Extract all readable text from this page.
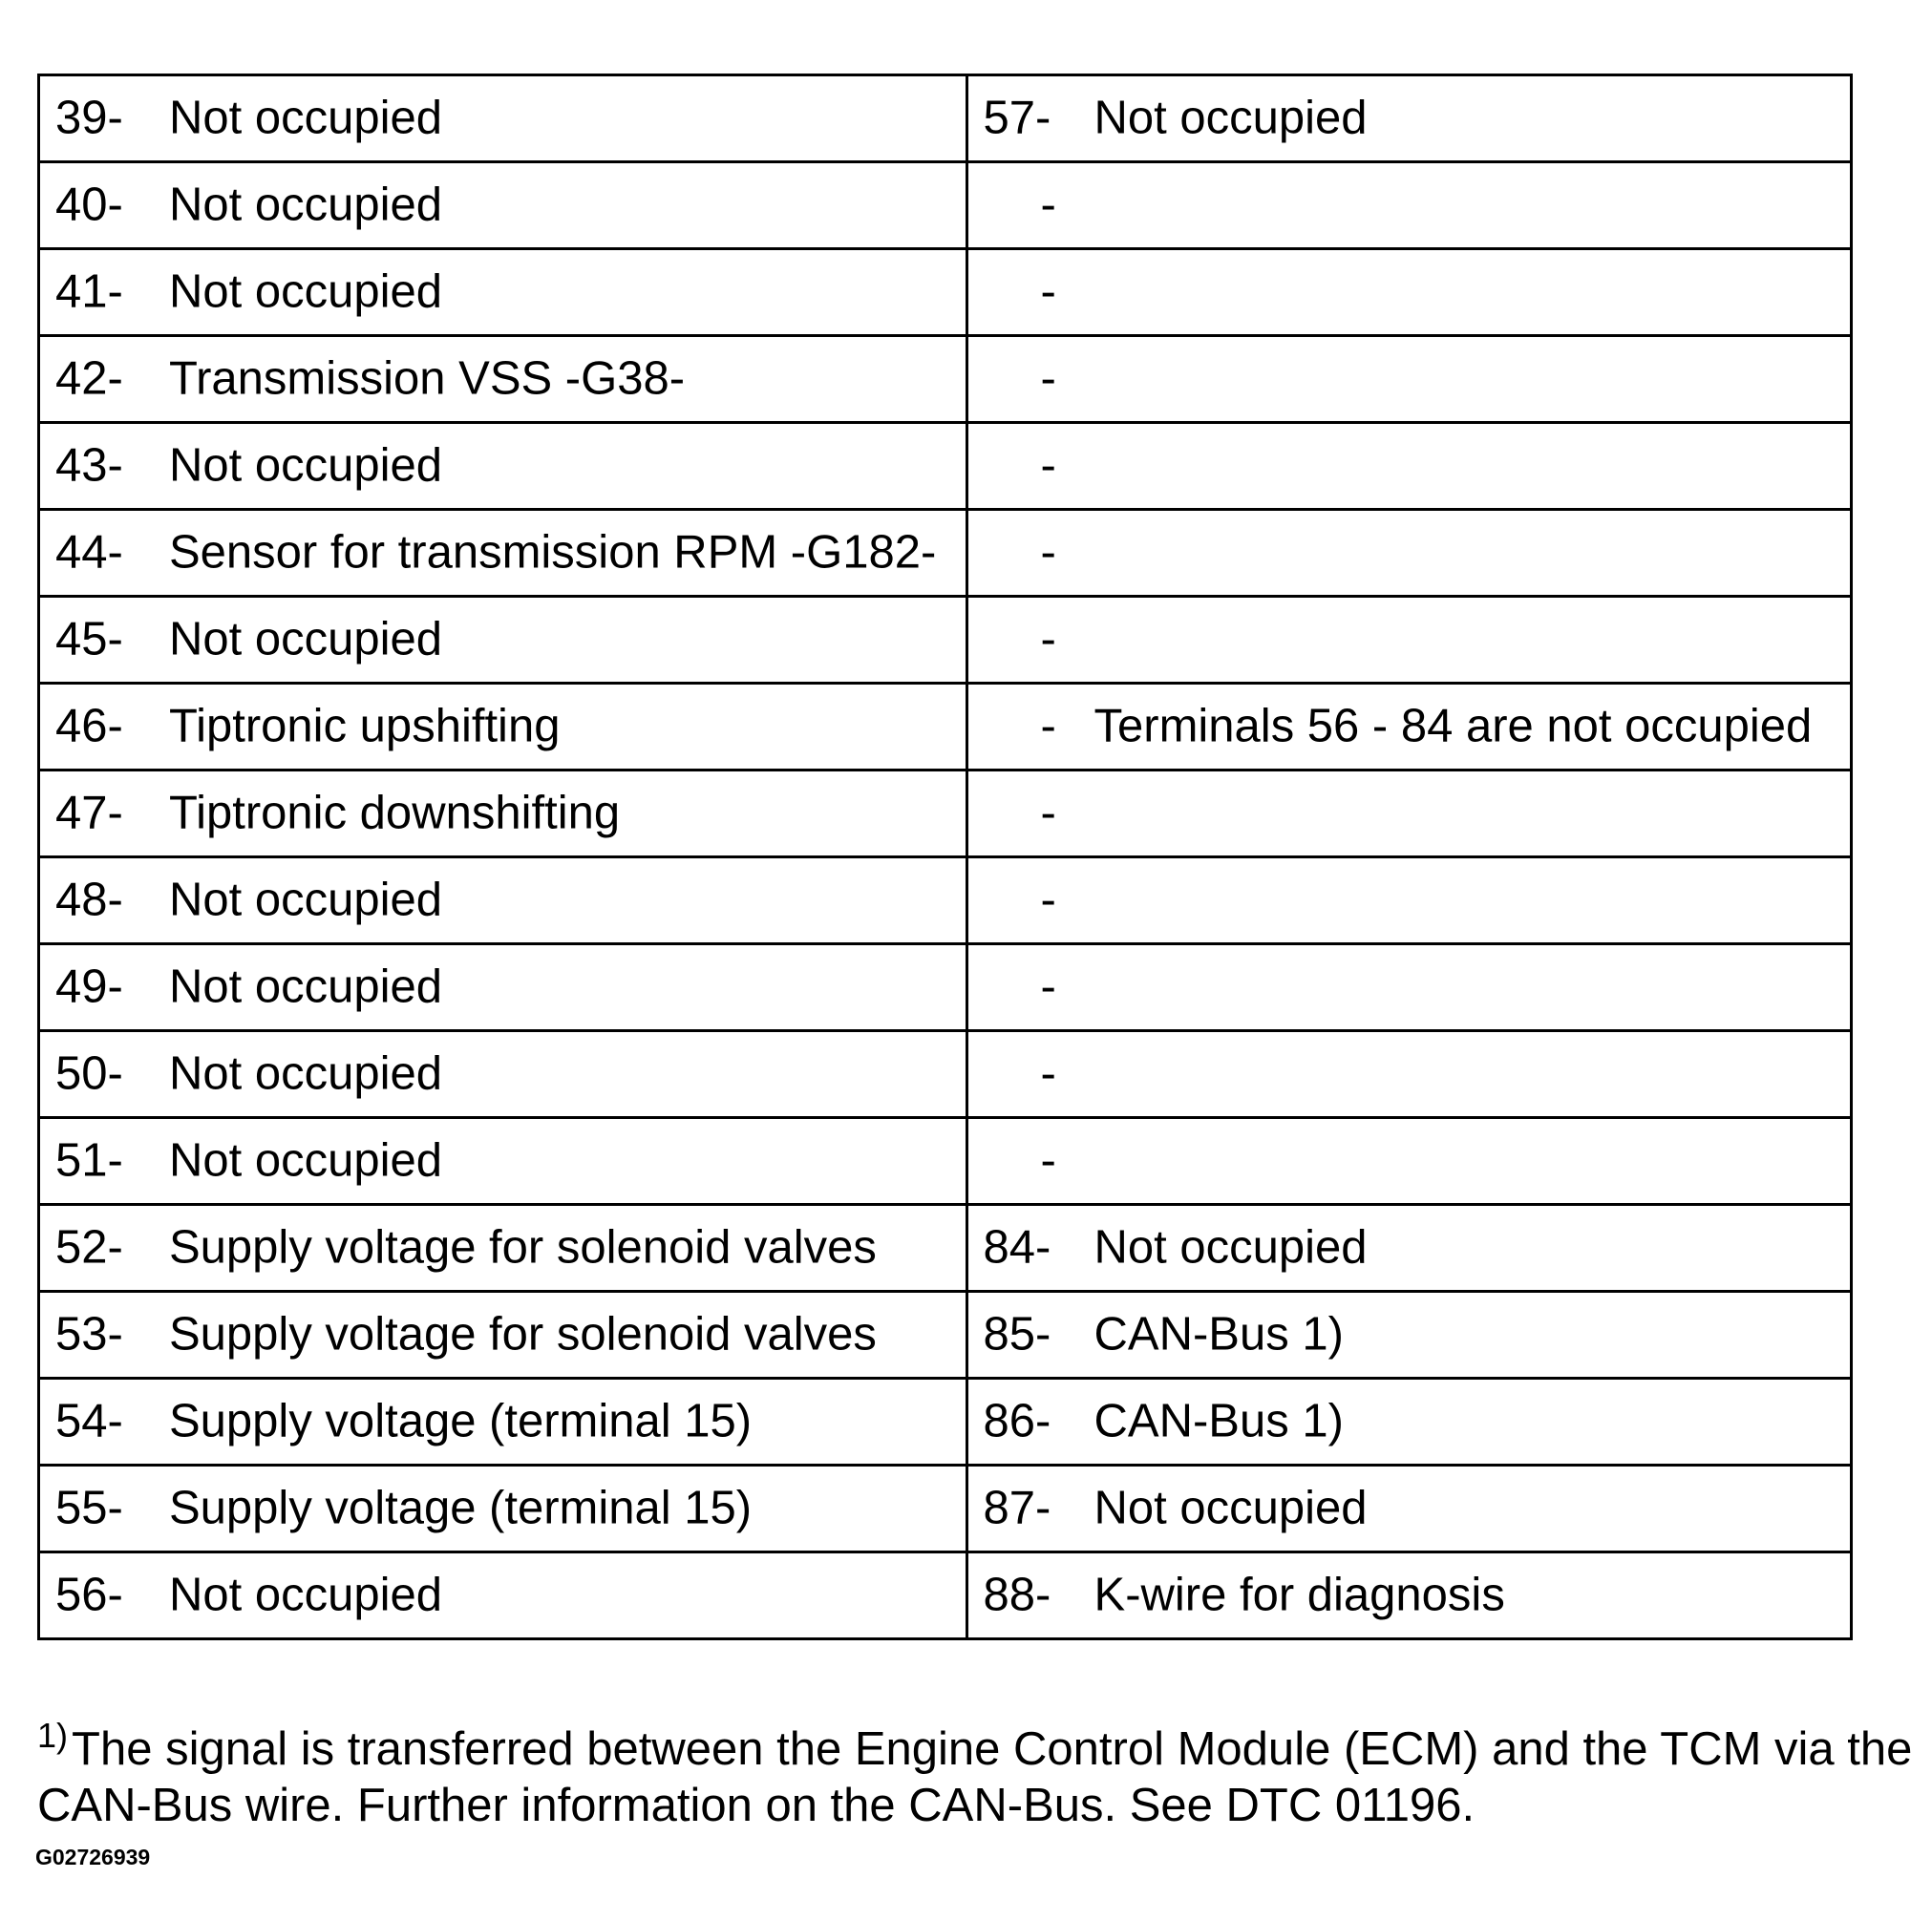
39- Not occupied	57- Not occupied

40- Not occupied	-

41- Not occupied	-

42- Transmission VSS -G38-	-

43- Not occupied	-

44- Sensor for transmission RPM -G182-	-

45- Not occupied	-

46- Tiptronic upshifting	- Terminals 56 - 84 are not occupied

47- Tiptronic downshifting	-

48- Not occupied	-

49- Not occupied	-

50- Not occupied	-

51- Not occupied	-

52- Supply voltage for solenoid valves	84- Not occupied

53- Supply voltage for solenoid valves	85- CAN-Bus 1)

54- Supply voltage (terminal 15)	86- CAN-Bus 1)

55- Supply voltage (terminal 15)	87- Not occupied

56- Not occupied	88- K-wire for diagnosis
$^{1)}$The signal is transferred between the Engine Control Module (ECM) and the TCM via the
CAN-Bus wire. Further information on the CAN-Bus. See DTC 01196.
G02726939
